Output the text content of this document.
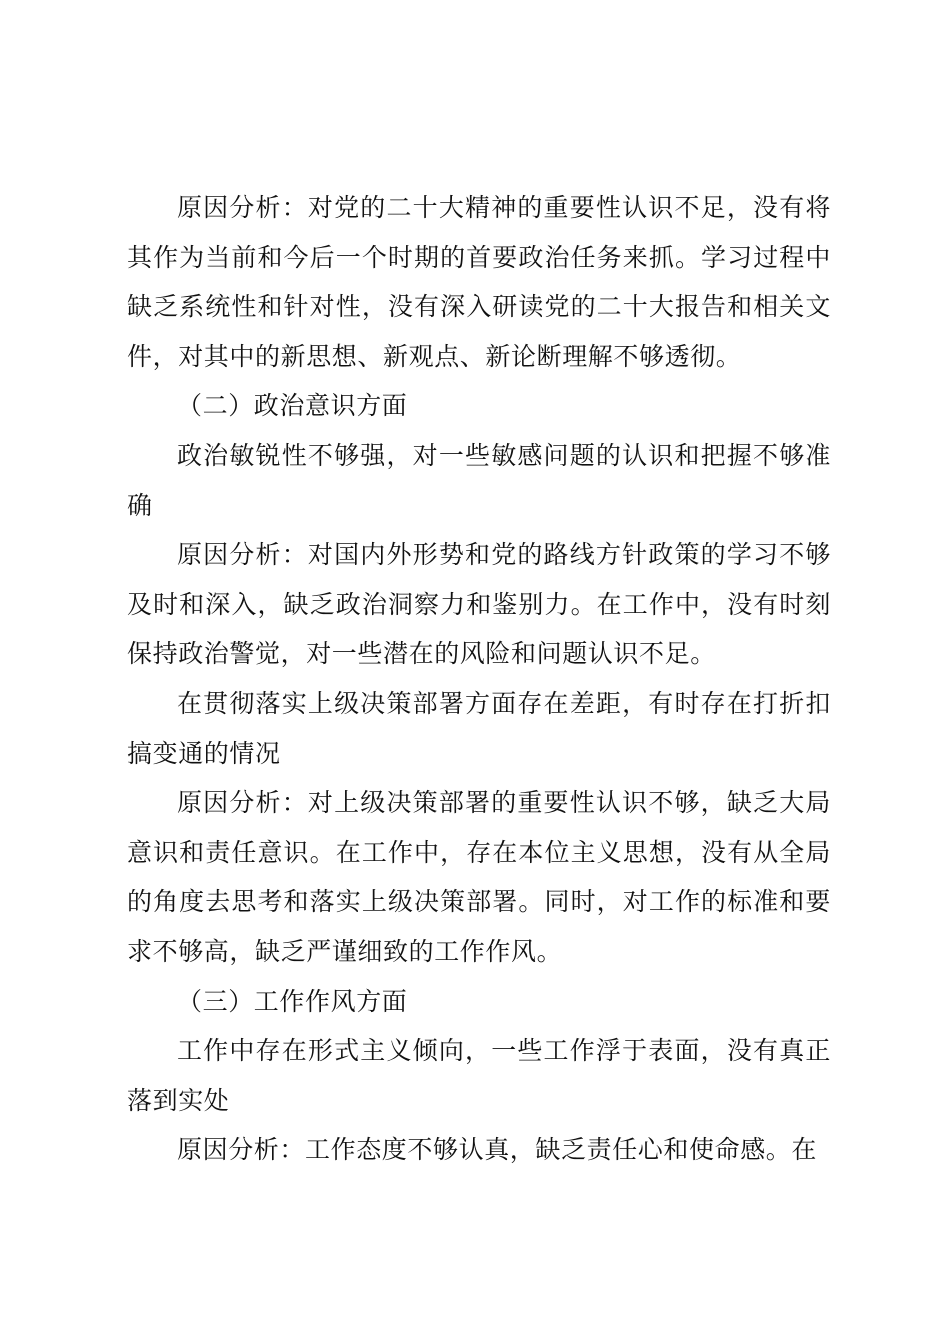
原因分析：对党的二十大精神的重要性认识不足，没有将其作为当前和今后一个时期的首要政治任务来抓。学习过程中缺乏系统性和针对性，没有深入研读党的二十大报告和相关文件，对其中的新思想、新观点、新论断理解不够透彻。

（二）政治意识方面

政治敏锐性不够强，对一些敏感问题的认识和把握不够准确

原因分析：对国内外形势和党的路线方针政策的学习不够及时和深入，缺乏政治洞察力和鉴别力。在工作中，没有时刻保持政治警觉，对一些潜在的风险和问题认识不足。

在贯彻落实上级决策部署方面存在差距，有时存在打折扣搞变通的情况

原因分析：对上级决策部署的重要性认识不够，缺乏大局意识和责任意识。在工作中，存在本位主义思想，没有从全局的角度去思考和落实上级决策部署。同时，对工作的标准和要求不够高，缺乏严谨细致的工作作风。

（三）工作作风方面

工作中存在形式主义倾向，一些工作浮于表面，没有真正落到实处

原因分析：工作态度不够认真，缺乏责任心和使命感。在
